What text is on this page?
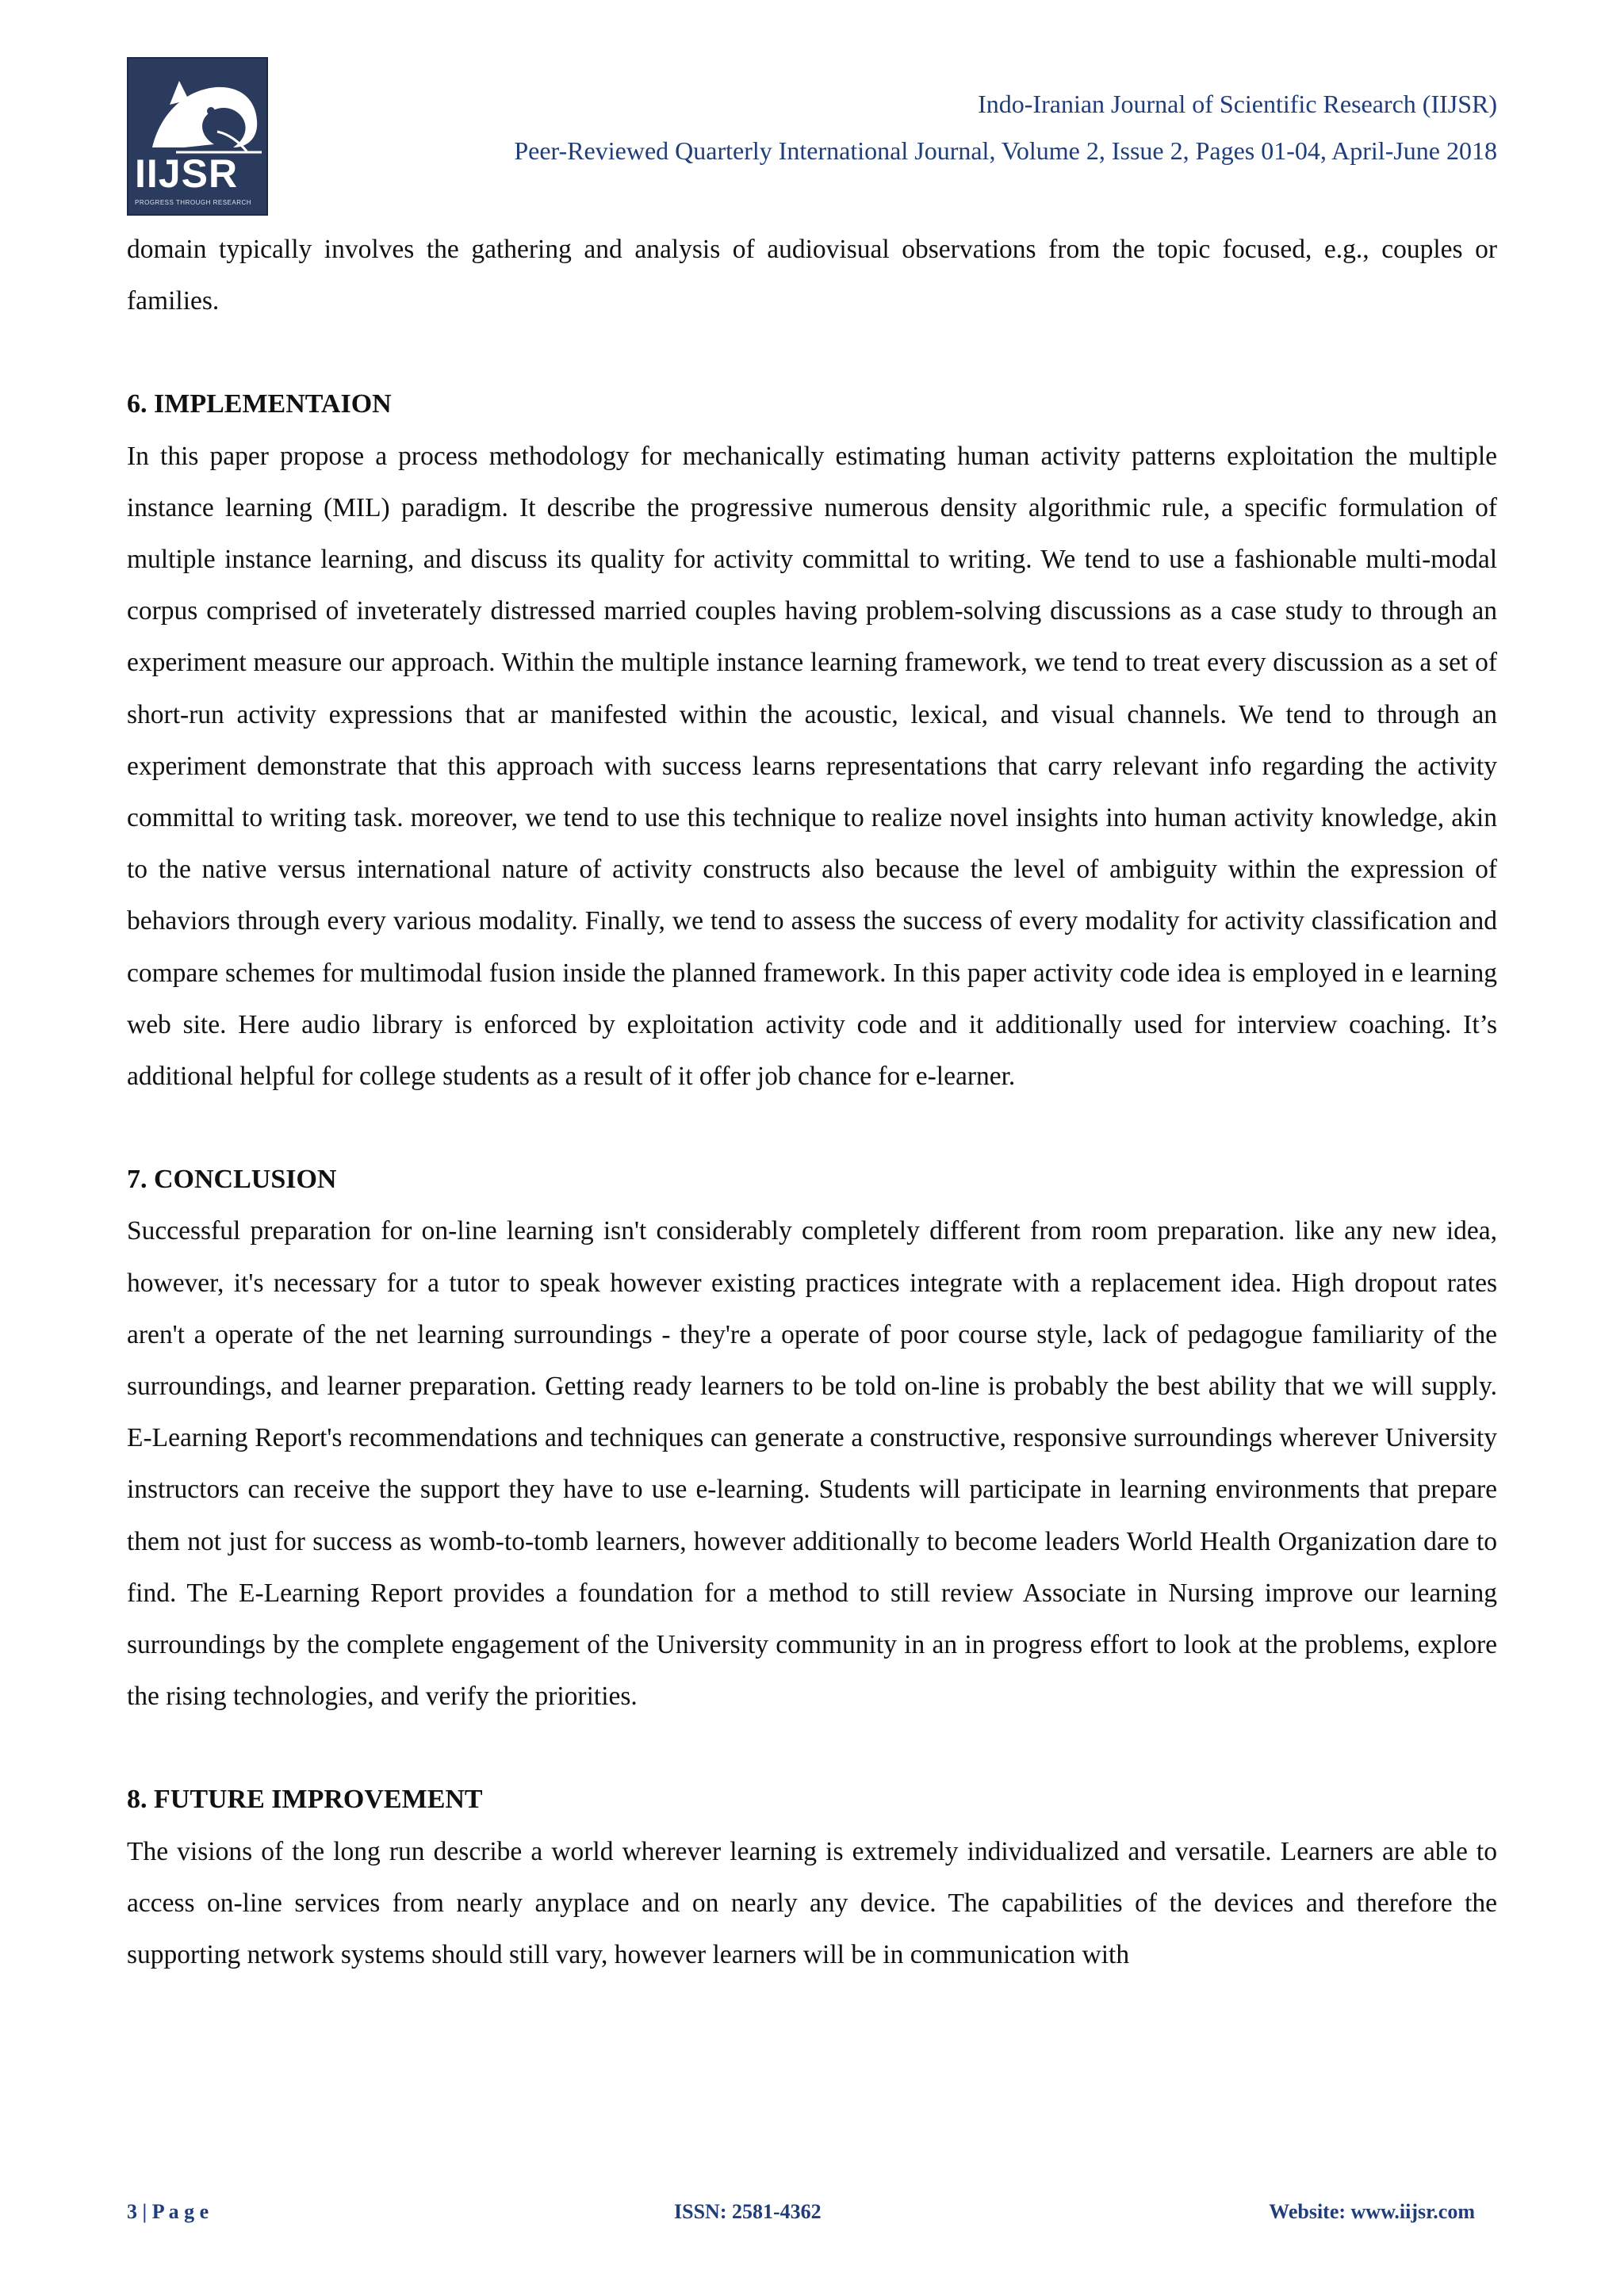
IIJSR
PROGRESS THROUGH RESEARCH
Indo-Iranian Journal of Scientific Research (IIJSR)
Peer-Reviewed Quarterly International Journal, Volume 2, Issue 2, Pages 01-04, April-June 2018

domain typically involves the gathering and analysis of audiovisual observations from the topic focused, e.g., couples or families.

6. IMPLEMENTAION

In this paper propose a process methodology for mechanically estimating human activity patterns exploitation the multiple instance learning (MIL) paradigm. It describe the progressive numerous density algorithmic rule, a specific formulation of multiple instance learning, and discuss its quality for activity committal to writing. We tend to use a fashionable multi-modal corpus comprised of inveterately distressed married couples having problem-solving discussions as a case study to through an experiment measure our approach. Within the multiple instance learning framework, we tend to treat every discussion as a set of short-run activity expressions that ar manifested within the acoustic, lexical, and visual channels. We tend to through an experiment demonstrate that this approach with success learns representations that carry relevant info regarding the activity committal to writing task. moreover, we tend to use this technique to realize novel insights into human activity knowledge, akin to the native versus international nature of activity constructs also because the level of ambiguity within the expression of behaviors through every various modality. Finally, we tend to assess the success of every modality for activity classification and compare schemes for multimodal fusion inside the planned framework. In this paper activity code idea is employed in e learning web site. Here audio library is enforced by exploitation activity code and it additionally used for interview coaching. It’s additional helpful for college students as a result of it offer job chance for e-learner.

7. CONCLUSION

Successful preparation for on-line learning isn't considerably completely different from room preparation. like any new idea, however, it's necessary for a tutor to speak however existing practices integrate with a replacement idea. High dropout rates aren't a operate of the net learning surroundings - they're a operate of poor course style, lack of pedagogue familiarity of the surroundings, and learner preparation. Getting ready learners to be told on-line is probably the best ability that we will supply. E-Learning Report's recommendations and techniques can generate a constructive, responsive surroundings wherever University instructors can receive the support they have to use e-learning. Students will participate in learning environments that prepare them not just for success as womb-to-tomb learners, however additionally to become leaders World Health Organization dare to find. The E-Learning Report provides a foundation for a method to still review Associate in Nursing improve our learning surroundings by the complete engagement of the University community in an in progress effort to look at the problems, explore the rising technologies, and verify the priorities.

8. FUTURE IMPROVEMENT

The visions of the long run describe a world wherever learning is extremely individualized and versatile. Learners are able to access on-line services from nearly anyplace and on nearly any device. The capabilities of the devices and therefore the supporting network systems should still vary, however learners will be in communication with

3 | P a g e	ISSN: 2581-4362	Website: www.iijsr.com
